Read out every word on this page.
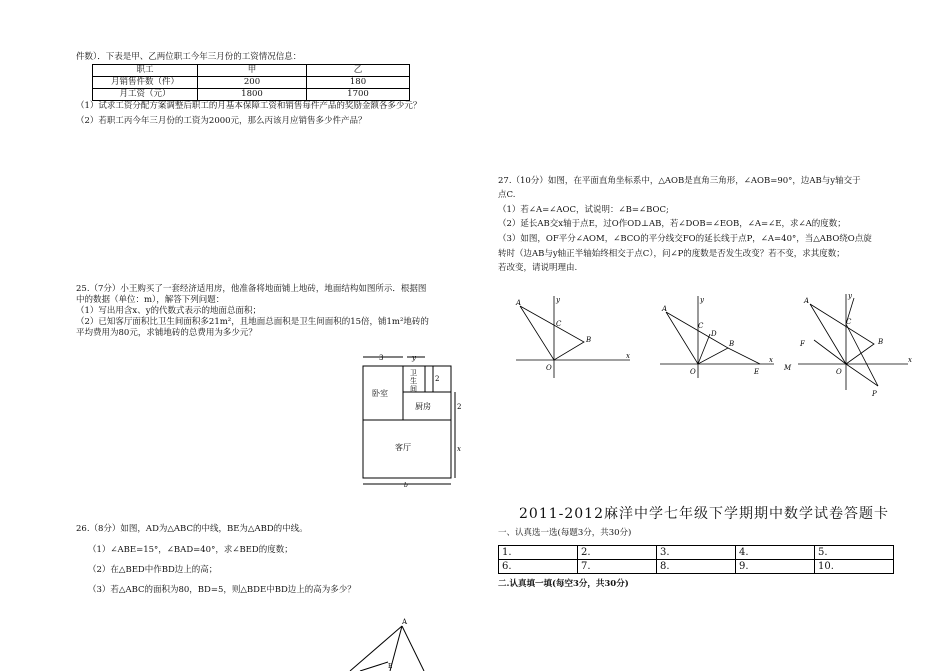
件数）．下表是甲、乙两位职工今年三月份的工资情况信息：
职工	甲	乙
月销售件数（件）	200	180
月工资（元）	1800	1700
（1）试求工资分配方案调整后职工的月基本保障工资和销售每件产品的奖励金额各多少元？
（2）若职工丙今年三月份的工资为2000元，那么丙该月应销售多少件产品？
25.（7分）小王购买了一套经济适用房，他准备将地面铺上地砖，地面结构如图所示．根据图
中的数据（单位：m），解答下列问题：
（1）写出用含x、y的代数式表示的地面总面积；
（2）已知客厅面积比卫生间面积多21m²，且地面总面积是卫生间面积的15倍，铺1m²地砖的
平均费用为80元，求铺地砖的总费用为多少元？
3	y
2
2
x
b
卫
生
间
卧室
厨房
客厅
26.（8分）如图，AD为△ABC的中线，BE为△ABD的中线。
（1）∠ABE=15°，∠BAD=40°，求∠BED的度数；
（2）在△BED中作BD边上的高；
（3）若△ABC的面积为80，BD=5，则△BDE中BD边上的高为多少？
A
E
27.（10分）如图，在平面直角坐标系中，△AOB是直角三角形，∠AOB=90°，边AB与y轴交于
点C.
（1）若∠A=∠AOC，试说明：∠B=∠BOC;
（2）延长AB交x轴于点E，过O作OD⊥AB，若∠DOB=∠EOB，∠A=∠E，求∠A的度数；
（3）如图，OF平分∠AOM，∠BCO的平分线交FO的延长线于点P，∠A=40°，当△ABO绕O点旋
转时（边AB与y轴正半轴始终相交于点C），问∠P的度数是否发生改变？若不变，求其度数；
若改变，请说明理由.
A	y
C
B
O
x
A
y
C
D
B
O	E
x
A
y
C
F	B
M	O
P
x
2011-2012麻洋中学七年级下学期期中数学试卷答题卡
一、认真选一选(每题3分，共30分)
1.	2.	3.	4.	5.
6.	7.	8.	9.	10.
二.认真填一填(每空3分，共30分)
